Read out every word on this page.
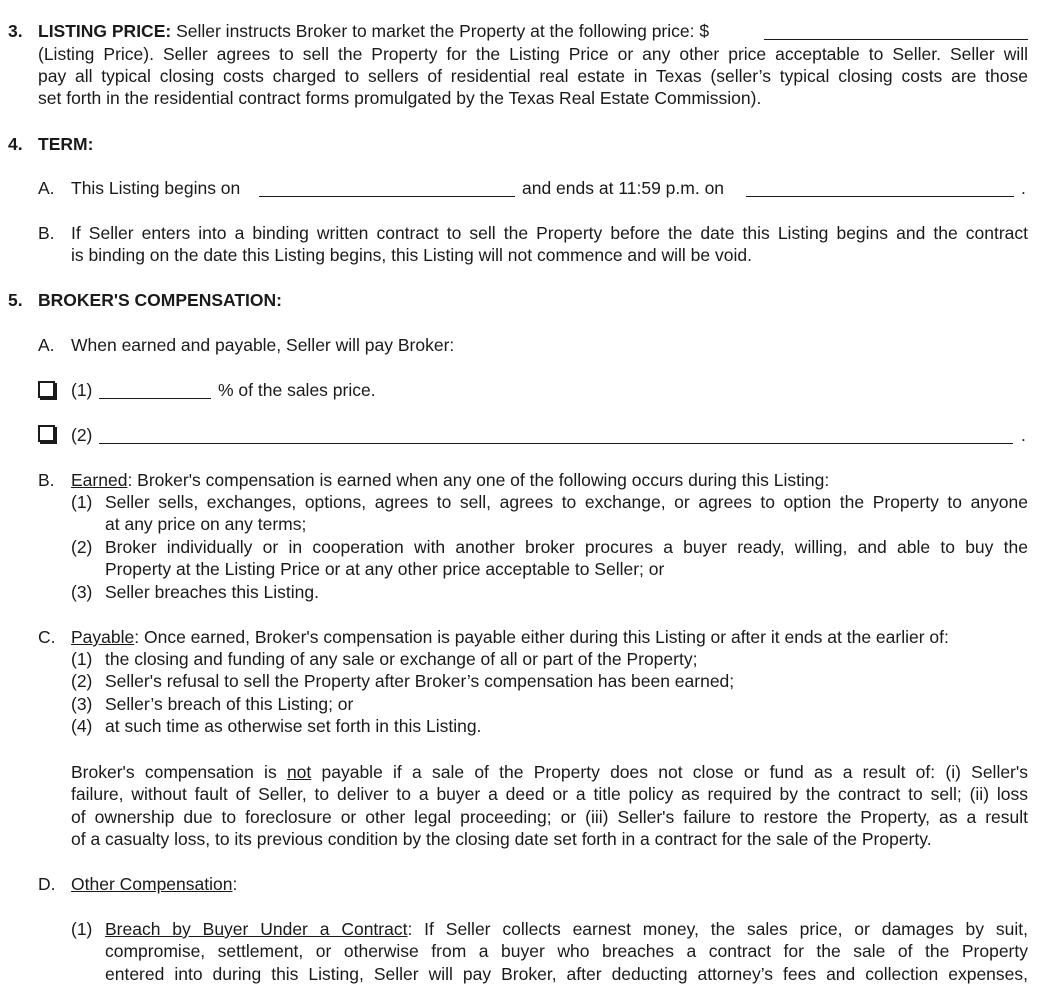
3. LISTING PRICE: Seller instructs Broker to market the Property at the following price: $
(Listing Price). Seller agrees to sell the Property for the Listing Price or any other price acceptable to Seller. Seller will
pay all typical closing costs charged to sellers of residential real estate in Texas (seller’s typical closing costs are those
set forth in the residential contract forms promulgated by the Texas Real Estate Commission).
4. TERM:
A. This Listing begins on	and ends at 11:59 p.m. on	.
B. If Seller enters into a binding written contract to sell the Property before the date this Listing begins and the contract
is binding on the date this Listing begins, this Listing will not commence and will be void.
5. BROKER'S COMPENSATION:
A. When earned and payable, Seller will pay Broker:
(1)	% of the sales price.
(2)	.
B. Earned: Broker's compensation is earned when any one of the following occurs during this Listing:
(1) Seller sells, exchanges, options, agrees to sell, agrees to exchange, or agrees to option the Property to anyone
at any price on any terms;
(2) Broker individually or in cooperation with another broker procures a buyer ready, willing, and able to buy the
Property at the Listing Price or at any other price acceptable to Seller; or
(3) Seller breaches this Listing.
C. Payable: Once earned, Broker's compensation is payable either during this Listing or after it ends at the earlier of:
(1) the closing and funding of any sale or exchange of all or part of the Property;
(2) Seller's refusal to sell the Property after Broker’s compensation has been earned;
(3) Seller’s breach of this Listing; or
(4) at such time as otherwise set forth in this Listing.
Broker's compensation is not payable if a sale of the Property does not close or fund as a result of: (i) Seller's
failure, without fault of Seller, to deliver to a buyer a deed or a title policy as required by the contract to sell; (ii) loss
of ownership due to foreclosure or other legal proceeding; or (iii) Seller's failure to restore the Property, as a result
of a casualty loss, to its previous condition by the closing date set forth in a contract for the sale of the Property.
D. Other Compensation:
(1) Breach by Buyer Under a Contract: If Seller collects earnest money, the sales price, or damages by suit,
compromise, settlement, or otherwise from a buyer who breaches a contract for the sale of the Property
entered into during this Listing, Seller will pay Broker, after deducting attorney’s fees and collection expenses,
